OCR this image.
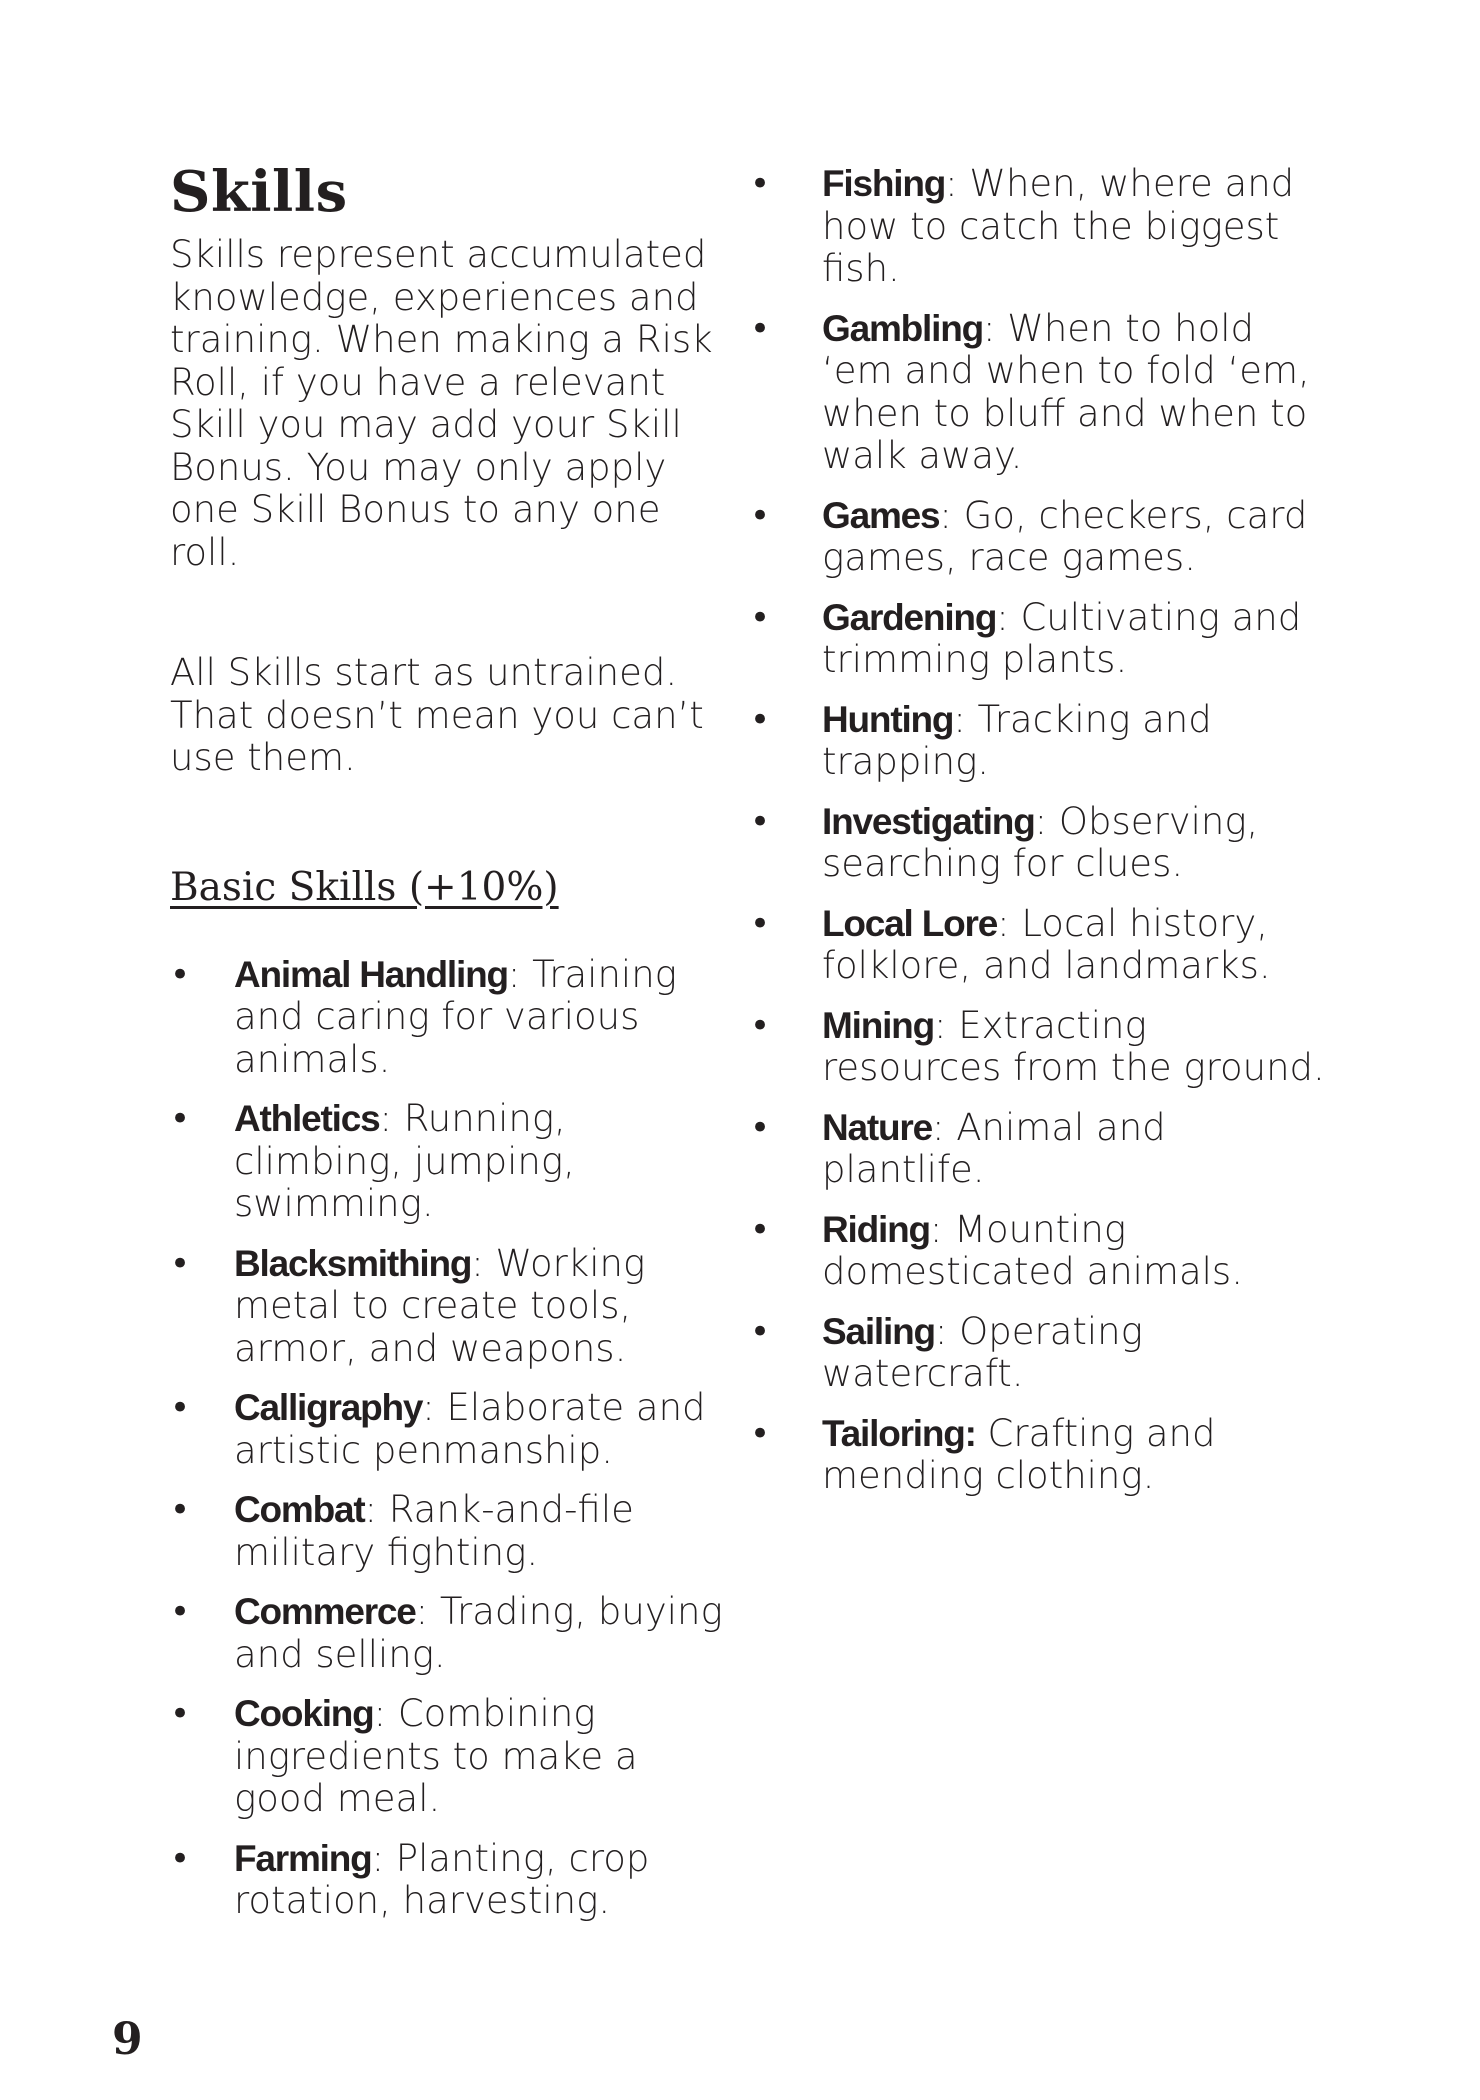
Skills

Skills represent accumulated knowledge, experiences and training. When making a Risk Roll, if you have a relevant Skill you may add your Skill Bonus. You may only apply one Skill Bonus to any one roll.

All Skills start as untrained. That doesn’t mean you can’t use them.

Basic Skills (+10%)
• Animal Handling: Training and caring for various animals.
• Athletics: Running, climbing, jumping, swimming.
• Blacksmithing: Working metal to create tools, armor, and weapons.
• Calligraphy: Elaborate and artistic penmanship.
• Combat: Rank-and-file military fighting.
• Commerce: Trading, buying and selling.
• Cooking: Combining ingredients to make a good meal.
• Farming: Planting, crop rotation, harvesting.
• Fishing: When, where and how to catch the biggest fish.
• Gambling: When to hold ‘em and when to fold ‘em, when to bluff and when to walk away.
• Games: Go, checkers, card games, race games.
• Gardening: Cultivating and trimming plants.
• Hunting: Tracking and trapping.
• Investigating: Observing, searching for clues.
• Local Lore: Local history, folklore, and landmarks.
• Mining: Extracting resources from the ground.
• Nature: Animal and plantlife.
• Riding: Mounting domesticated animals.
• Sailing: Operating watercraft.
• Tailoring: Crafting and mending clothing.
9
